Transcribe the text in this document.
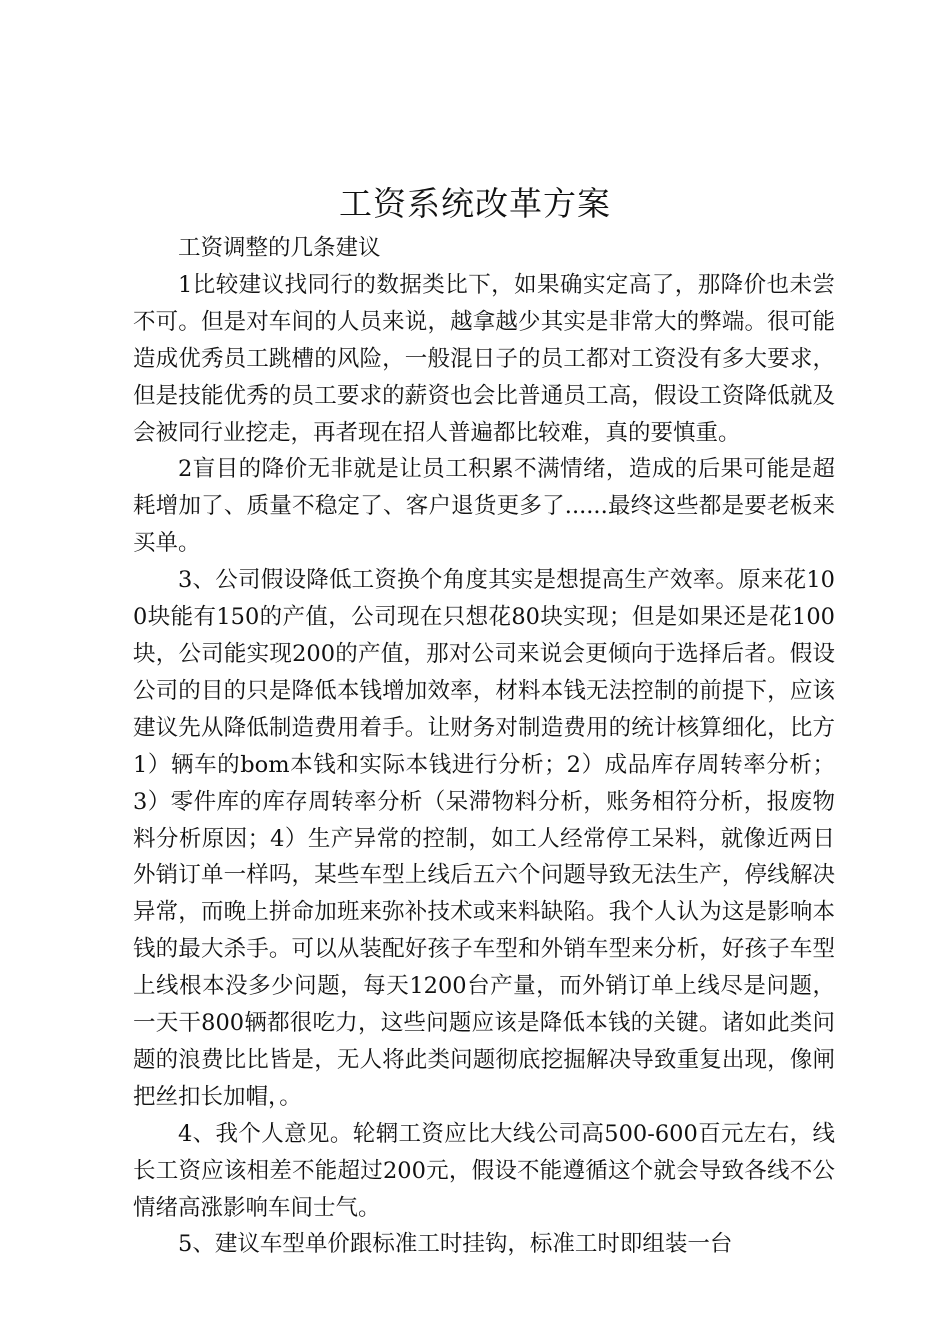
工资系统改革方案

工资调整的几条建议

1比较建议找同行的数据类比下，如果确实定高了，那降价也未尝不可。但是对车间的人员来说，越拿越少其实是非常大的弊端。很可能造成优秀员工跳槽的风险，一般混日子的员工都对工资没有多大要求，但是技能优秀的员工要求的薪资也会比普通员工高，假设工资降低就及会被同行业挖走，再者现在招人普遍都比较难，真的要慎重。

2盲目的降价无非就是让员工积累不满情绪，造成的后果可能是超耗增加了、质量不稳定了、客户退货更多了......最终这些都是要老板来买单。

3、公司假设降低工资换个角度其实是想提高生产效率。原来花100块能有150的产值，公司现在只想花80块实现；但是如果还是花100块，公司能实现200的产值，那对公司来说会更倾向于选择后者。假设公司的目的只是降低本钱增加效率，材料本钱无法控制的前提下，应该建议先从降低制造费用着手。让财务对制造费用的统计核算细化，比方1）辆车的bom本钱和实际本钱进行分析；2）成品库存周转率分析；3）零件库的库存周转率分析（呆滞物料分析，账务相符分析，报废物料分析原因；4）生产异常的控制，如工人经常停工呆料，就像近两日外销订单一样吗，某些车型上线后五六个问题导致无法生产，停线解决异常，而晚上拼命加班来弥补技术或来料缺陷。我个人认为这是影响本钱的最大杀手。可以从装配好孩子车型和外销车型来分析，好孩子车型上线根本没多少问题，每天1200台产量，而外销订单上线尽是问题，一天干800辆都很吃力，这些问题应该是降低本钱的关键。诸如此类问题的浪费比比皆是，无人将此类问题彻底挖掘解决导致重复出现，像闸把丝扣长加帽，。

4、我个人意见。轮辋工资应比大线公司高500-600百元左右，线长工资应该相差不能超过200元，假设不能遵循这个就会导致各线不公情绪高涨影响车间士气。

5、建议车型单价跟标准工时挂钩，标准工时即组装一台
